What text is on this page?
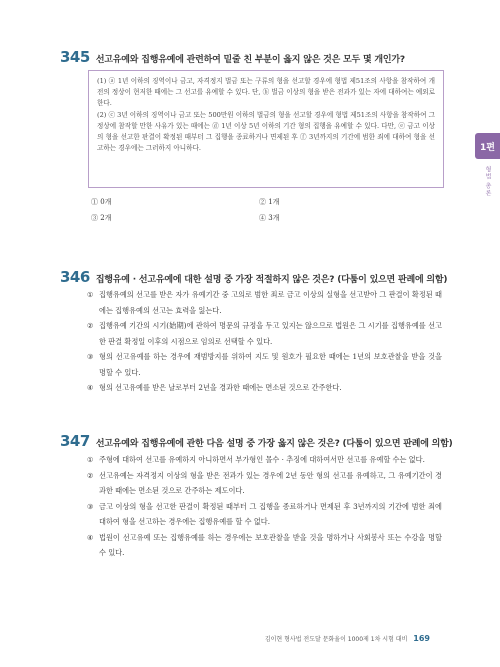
345 선고유예와 집행유예에 관련하여 밑줄 친 부분이 옳지 않은 것은 모두 몇 개인가?

(1) ⓐ 1년 이하의 징역이나 금고, 자격정지 벌금 또는 구류의 형을 선고할 경우에 형법 제51조의 사항을 참작하여 개전의 정상이 현저한 때에는 그 선고를 유예할 수 있다. 단, ⓑ 벌금 이상의 형을 받은 전과가 있는 자에 대하여는 예외로 한다.

(2) ⓒ 3년 이하의 징역이나 금고 또는 500만원 이하의 벌금의 형을 선고할 경우에 형법 제51조의 사항을 참작하여 그 정상에 참작할 만한 사유가 있는 때에는 ⓓ 1년 이상 5년 이하의 기간 형의 집행을 유예할 수 있다. 다만, ⓔ 금고 이상의 형을 선고한 판결이 확정된 때부터 그 집행을 종료하거나 면제된 후 ⓕ 3년까지의 기간에 범한 죄에 대하여 형을 선고하는 경우에는 그러하지 아니하다.

① 0개	② 1개
③ 2개	④ 3개
346 집행유예 · 선고유예에 대한 설명 중 가장 적절하지 않은 것은? (다툼이 있으면 판례에 의함)
① 집행유예의 선고를 받은 자가 유예기간 중 고의로 범한 죄로 금고 이상의 실형을 선고받아 그 판결이 확정된 때에는 집행유예의 선고는 효력을 잃는다.
② 집행유예 기간의 시기(始期)에 관하여 명문의 규정을 두고 있지는 않으므로 법원은 그 시기를 집행유예를 선고한 판결 확정일 이후의 시점으로 임의로 선택할 수 있다.
③ 형의 선고유예를 하는 경우에 재범방지를 위하여 지도 및 원호가 필요한 때에는 1년의 보호관찰을 받을 것을 명할 수 있다.
④ 형의 선고유예를 받은 날로부터 2년을 경과한 때에는 면소된 것으로 간주한다.
347 선고유예와 집행유예에 관한 다음 설명 중 가장 옳지 않은 것은? (다툼이 있으면 판례에 의함)
① 주형에 대하여 선고를 유예하지 아니하면서 부가형인 몰수 · 추징에 대하여서만 선고를 유예할 수는 없다.
② 선고유예는 자격정지 이상의 형을 받은 전과가 있는 경우에 2년 동안 형의 선고를 유예하고, 그 유예기간이 경과한 때에는 면소된 것으로 간주하는 제도이다.
③ 금고 이상의 형을 선고한 판결이 확정된 때부터 그 집행을 종료하거나 면제된 후 3년까지의 기간에 범한 죄에 대하여 형을 선고하는 경우에는 집행유예를 할 수 없다.
④ 법원이 선고유예 또는 집행유예를 하는 경우에는 보호관찰을 받을 것을 명하거나 사회봉사 또는 수강을 명할 수 있다.
1편
형법 총론
김이현 형사법 전도달 문화율이 1000제 1차 시험 대비 169
